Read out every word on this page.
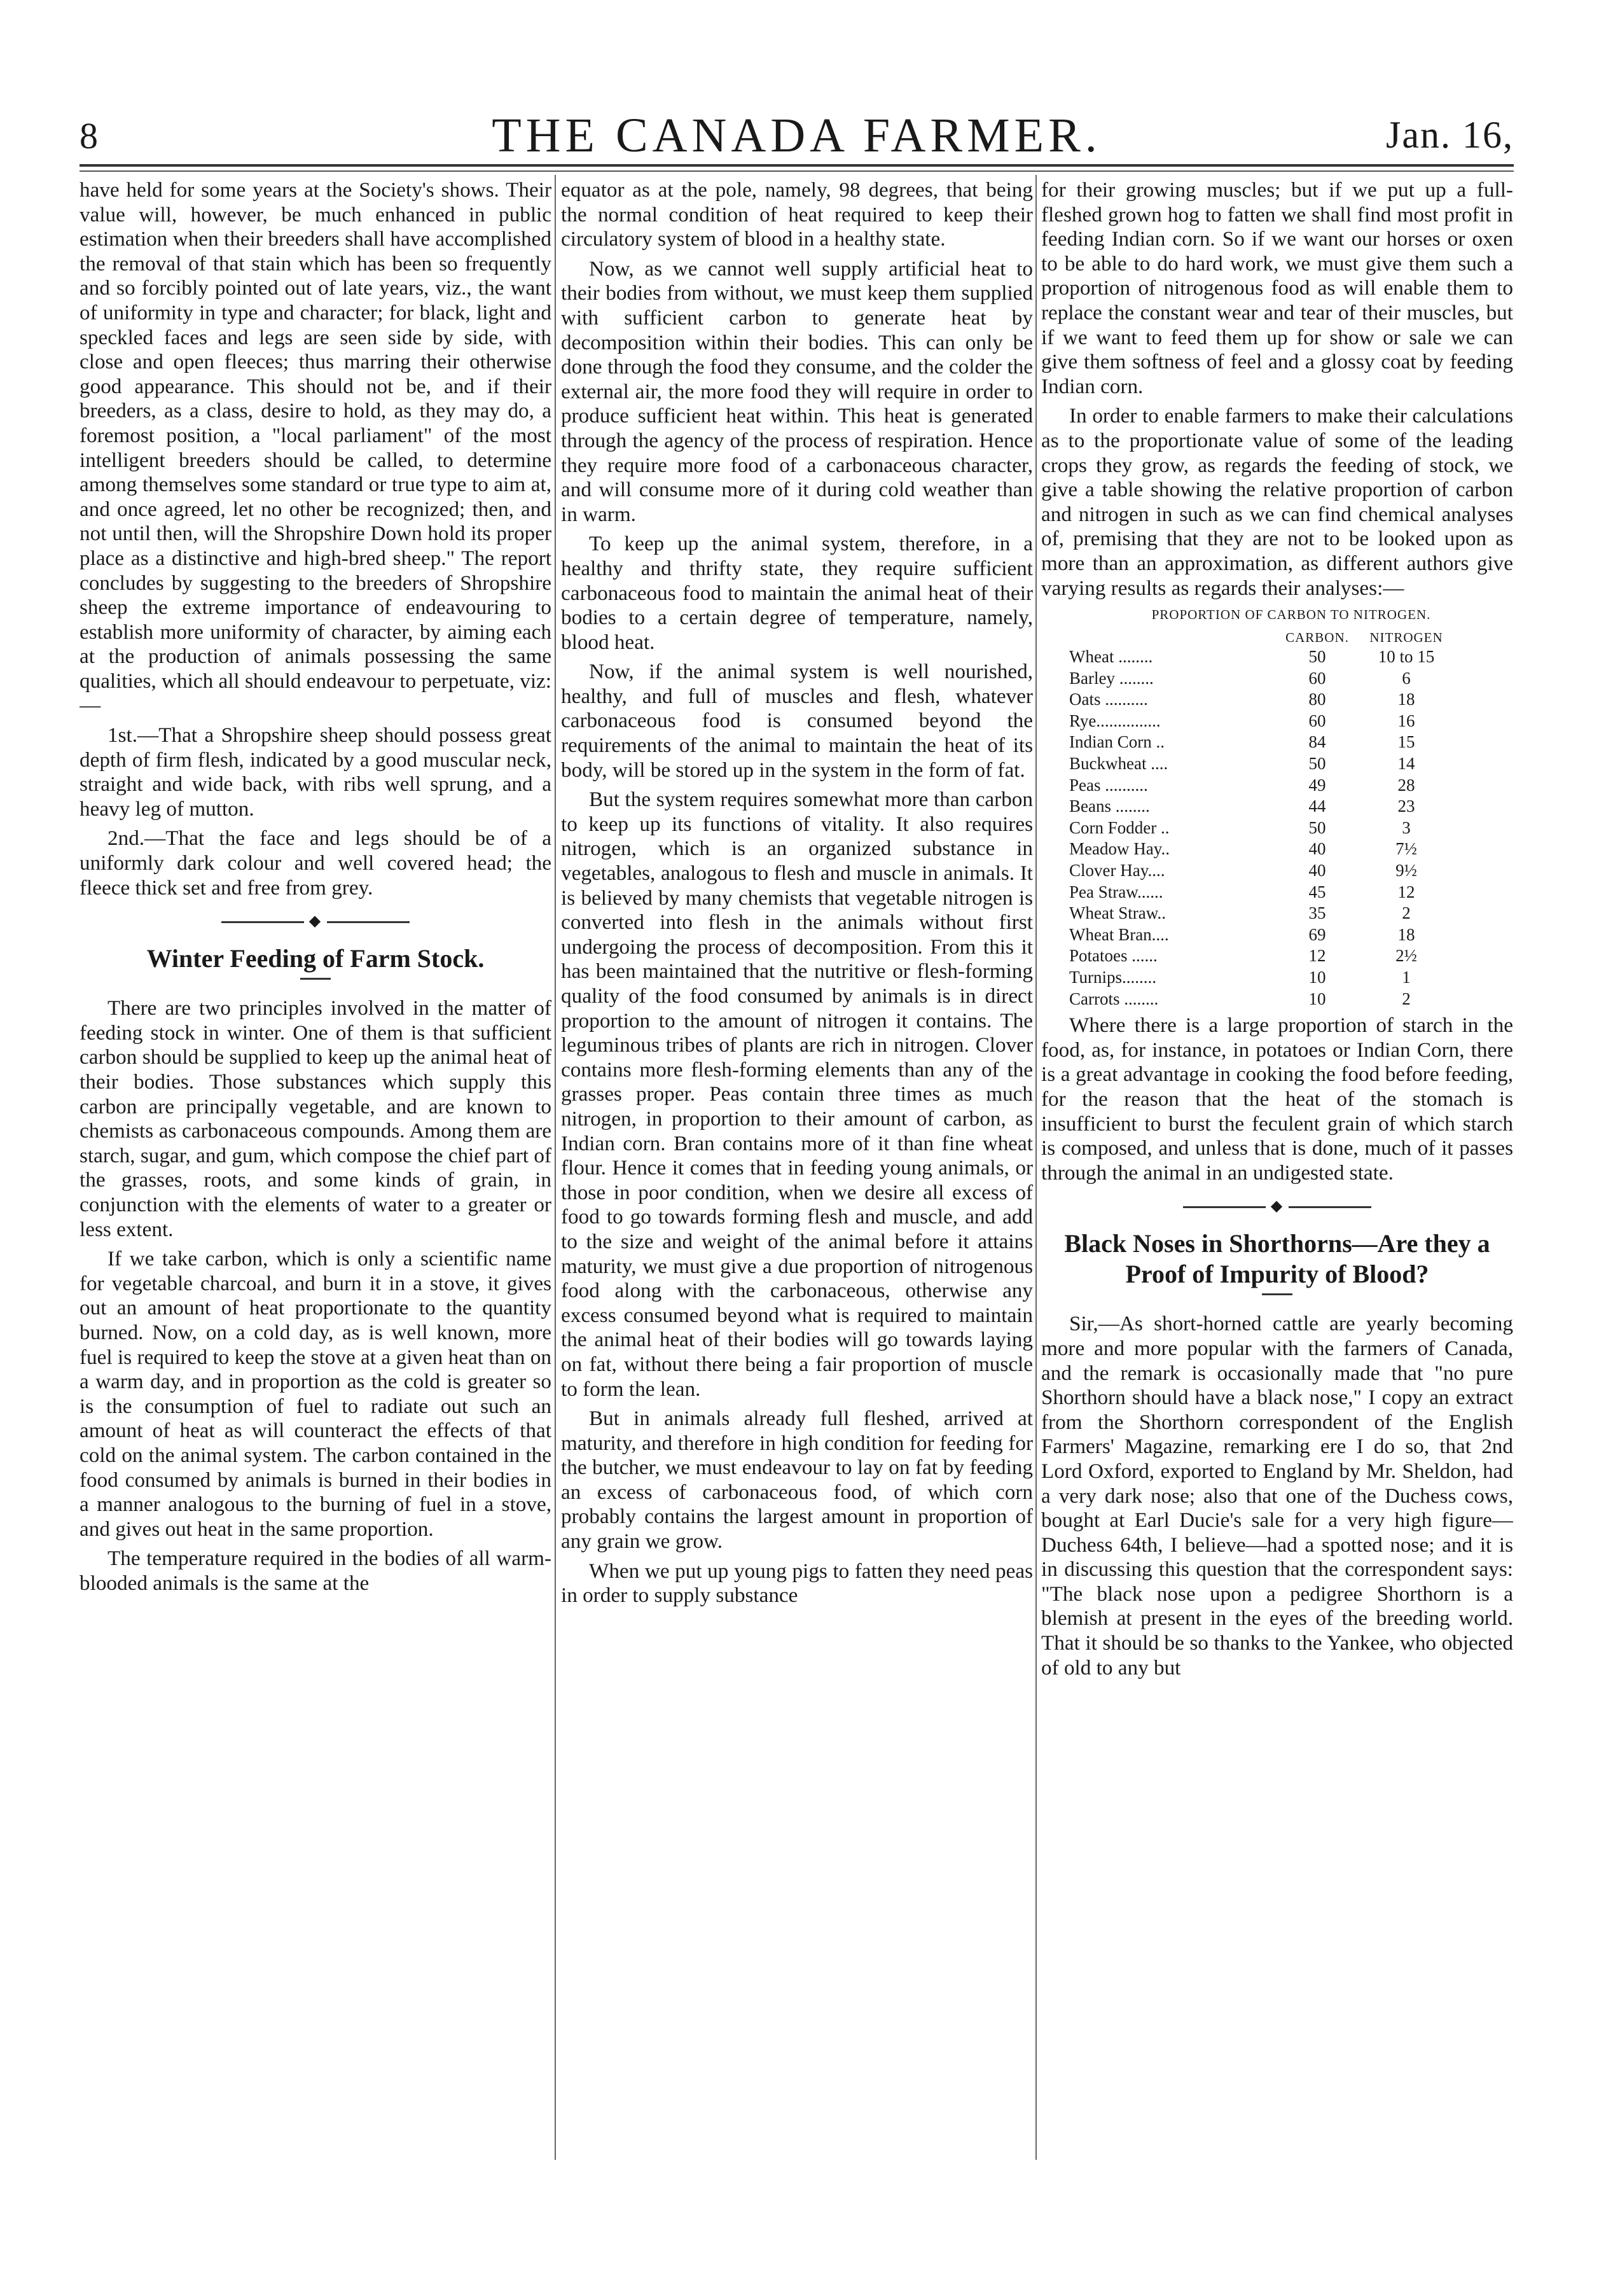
8	THE CANADA FARMER.	Jan. 16,

have held for some years at the Society's shows. Their value will, however, be much enhanced in public estimation when their breeders shall have accomplished the removal of that stain which has been so frequently and so forcibly pointed out of late years, viz., the want of uniformity in type and character; for black, light and speckled faces and legs are seen side by side, with close and open fleeces; thus marring their otherwise good appearance. This should not be, and if their breeders, as a class, desire to hold, as they may do, a foremost position, a "local parliament" of the most intelligent breeders should be called, to determine among themselves some standard or true type to aim at, and once agreed, let no other be recognized; then, and not until then, will the Shropshire Down hold its proper place as a distinctive and high-bred sheep." The report concludes by suggesting to the breeders of Shropshire sheep the extreme importance of endeavouring to establish more uniformity of character, by aiming each at the production of animals possessing the same qualities, which all should endeavour to perpetuate, viz:—

1st.—That a Shropshire sheep should possess great depth of firm flesh, indicated by a good muscular neck, straight and wide back, with ribs well sprung, and a heavy leg of mutton.

2nd.—That the face and legs should be of a uniformly dark colour and well covered head; the fleece thick set and free from grey.

◆
Winter Feeding of Farm Stock.

There are two principles involved in the matter of feeding stock in winter. One of them is that sufficient carbon should be supplied to keep up the animal heat of their bodies. Those substances which supply this carbon are principally vegetable, and are known to chemists as carbonaceous compounds. Among them are starch, sugar, and gum, which compose the chief part of the grasses, roots, and some kinds of grain, in conjunction with the elements of water to a greater or less extent.

If we take carbon, which is only a scientific name for vegetable charcoal, and burn it in a stove, it gives out an amount of heat proportionate to the quantity burned. Now, on a cold day, as is well known, more fuel is required to keep the stove at a given heat than on a warm day, and in proportion as the cold is greater so is the consumption of fuel to radiate out such an amount of heat as will counteract the effects of that cold on the animal system. The carbon contained in the food consumed by animals is burned in their bodies in a manner analogous to the burning of fuel in a stove, and gives out heat in the same proportion.

The temperature required in the bodies of all warm-blooded animals is the same at the

equator as at the pole, namely, 98 degrees, that being the normal condition of heat required to keep their circulatory system of blood in a healthy state.

Now, as we cannot well supply artificial heat to their bodies from without, we must keep them supplied with sufficient carbon to generate heat by decomposition within their bodies. This can only be done through the food they consume, and the colder the external air, the more food they will require in order to produce sufficient heat within. This heat is generated through the agency of the process of respiration. Hence they require more food of a carbonaceous character, and will consume more of it during cold weather than in warm.

To keep up the animal system, therefore, in a healthy and thrifty state, they require sufficient carbonaceous food to maintain the animal heat of their bodies to a certain degree of temperature, namely, blood heat.

Now, if the animal system is well nourished, healthy, and full of muscles and flesh, whatever carbonaceous food is consumed beyond the requirements of the animal to maintain the heat of its body, will be stored up in the system in the form of fat.

But the system requires somewhat more than carbon to keep up its functions of vitality. It also requires nitrogen, which is an organized substance in vegetables, analogous to flesh and muscle in animals. It is believed by many chemists that vegetable nitrogen is converted into flesh in the animals without first undergoing the process of decomposition. From this it has been maintained that the nutritive or flesh-forming quality of the food consumed by animals is in direct proportion to the amount of nitrogen it contains. The leguminous tribes of plants are rich in nitrogen. Clover contains more flesh-forming elements than any of the grasses proper. Peas contain three times as much nitrogen, in proportion to their amount of carbon, as Indian corn. Bran contains more of it than fine wheat flour. Hence it comes that in feeding young animals, or those in poor condition, when we desire all excess of food to go towards forming flesh and muscle, and add to the size and weight of the animal before it attains maturity, we must give a due proportion of nitrogenous food along with the carbonaceous, otherwise any excess consumed beyond what is required to maintain the animal heat of their bodies will go towards laying on fat, without there being a fair proportion of muscle to form the lean.

But in animals already full fleshed, arrived at maturity, and therefore in high condition for feeding for the butcher, we must endeavour to lay on fat by feeding an excess of carbonaceous food, of which corn probably contains the largest amount in proportion of any grain we grow.

When we put up young pigs to fatten they need peas in order to supply substance

for their growing muscles; but if we put up a full-fleshed grown hog to fatten we shall find most profit in feeding Indian corn. So if we want our horses or oxen to be able to do hard work, we must give them such a proportion of nitrogenous food as will enable them to replace the constant wear and tear of their muscles, but if we want to feed them up for show or sale we can give them softness of feel and a glossy coat by feeding Indian corn.

In order to enable farmers to make their calculations as to the proportionate value of some of the leading crops they grow, as regards the feeding of stock, we give a table showing the relative proportion of carbon and nitrogen in such as we can find chemical analyses of, premising that they are not to be looked upon as more than an approximation, as different authors give varying results as regards their analyses:—

PROPORTION OF CARBON TO NITROGEN.

	CARBON.	NITROGEN
Wheat ........	50	10 to 15
Barley ........	60	6
Oats ..........	80	18
Rye...............	60	16
Indian Corn ..	84	15
Buckwheat ....	50	14
Peas ..........	49	28
Beans ........	44	23
Corn Fodder ..	50	3
Meadow Hay..	40	7½
Clover Hay....	40	9½
Pea Straw......	45	12
Wheat Straw..	35	2
Wheat Bran....	69	18
Potatoes ......	12	2½
Turnips........	10	1
Carrots ........	10	2

Where there is a large proportion of starch in the food, as, for instance, in potatoes or Indian Corn, there is a great advantage in cooking the food before feeding, for the reason that the heat of the stomach is insufficient to burst the feculent grain of which starch is composed, and unless that is done, much of it passes through the animal in an undigested state.

◆
Black Noses in Shorthorns—Are they a Proof of Impurity of Blood?

Sir,—As short-horned cattle are yearly becoming more and more popular with the farmers of Canada, and the remark is occasionally made that "no pure Shorthorn should have a black nose," I copy an extract from the Shorthorn correspondent of the English Farmers' Magazine, remarking ere I do so, that 2nd Lord Oxford, exported to England by Mr. Sheldon, had a very dark nose; also that one of the Duchess cows, bought at Earl Ducie's sale for a very high figure—Duchess 64th, I believe—had a spotted nose; and it is in discussing this question that the correspondent says: "The black nose upon a pedigree Shorthorn is a blemish at present in the eyes of the breeding world. That it should be so thanks to the Yankee, who objected of old to any but
